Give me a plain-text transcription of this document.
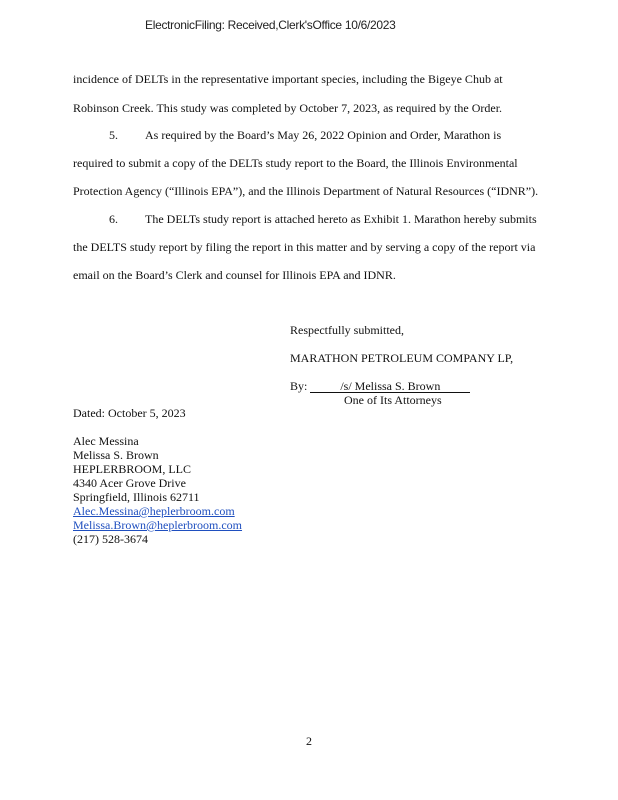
ElectronicFiling: Received,Clerk'sOffice 10/6/2023
incidence of DELTs in the representative important species, including the Bigeye Chub at
Robinson Creek. This study was completed by October 7, 2023, as required by the Order.
5. As required by the Board’s May 26, 2022 Opinion and Order, Marathon is
required to submit a copy of the DELTs study report to the Board, the Illinois Environmental
Protection Agency (“Illinois EPA”), and the Illinois Department of Natural Resources (“IDNR”).
6. The DELTs study report is attached hereto as Exhibit 1. Marathon hereby submits
the DELTS study report by filing the report in this matter and by serving a copy of the report via
email on the Board’s Clerk and counsel for Illinois EPA and IDNR.
Respectfully submitted,
MARATHON PETROLEUM COMPANY LP,
By:	/s/ Melissa S. Brown
One of Its Attorneys
Dated: October 5, 2023
Alec Messina
Melissa S. Brown
HEPLERBROOM, LLC
4340 Acer Grove Drive
Springfield, Illinois 62711
Alec.Messina@heplerbroom.com
Melissa.Brown@heplerbroom.com
(217) 528-3674
2
